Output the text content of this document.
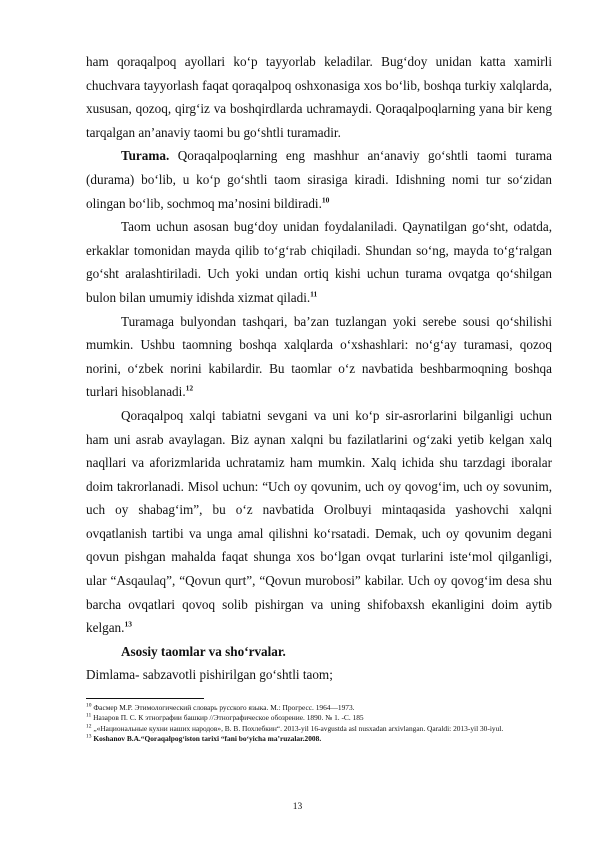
ham qoraqalpoq ayollari ko‘p tayyorlab keladilar. Bug‘doy unidan katta xamirli chuchvara tayyorlash faqat qoraqalpoq oshxonasiga xos bo‘lib, boshqa turkiy xalqlarda, xususan, qozoq, qirg‘iz va boshqirdlarda uchramaydi. Qoraqalpoqlarning yana bir keng tarqalgan an’anaviy taomi bu go‘shtli turamadir.

Turama. Qoraqalpoqlarning eng mashhur an‘anaviy go‘shtli taomi turama (durama) bo‘lib, u ko‘p go‘shtli taom sirasiga kiradi. Idishning nomi tur so‘zidan olingan bo‘lib, sochmoq ma’nosini bildiradi.$^{10}$

Taom uchun asosan bug‘doy unidan foydalaniladi. Qaynatilgan go‘sht, odatda, erkaklar tomonidan mayda qilib to‘g‘rab chiqiladi. Shundan so‘ng, mayda to‘g‘ralgan go‘sht aralashtiriladi. Uch yoki undan ortiq kishi uchun turama ovqatga qo‘shilgan bulon bilan umumiy idishda xizmat qiladi.$^{11}$

Turamaga bulyondan tashqari, ba’zan tuzlangan yoki serebe sousi qo‘shilishi mumkin. Ushbu taomning boshqa xalqlarda o‘xshashlari: no‘g‘ay turamasi, qozoq norini, o‘zbek norini kabilardir. Bu taomlar o‘z navbatida beshbarmoqning boshqa turlari hisoblanadi.$^{12}$

Qoraqalpoq xalqi tabiatni sevgani va uni ko‘p sir-asrorlarini bilganligi uchun ham uni asrab avaylagan. Biz aynan xalqni bu fazilatlarini og‘zaki yetib kelgan xalq naqllari va aforizmlarida uchratamiz ham mumkin. Xalq ichida shu tarzdagi iboralar doim takrorlanadi. Misol uchun: “Uch oy qovunim, uch oy qovog‘im, uch oy sovunim, uch oy shabag‘im”, bu o‘z navbatida Orolbuyi mintaqasida yashovchi xalqni ovqatlanish tartibi va unga amal qilishni ko‘rsatadi. Demak, uch oy qovunim degani qovun pishgan mahalda faqat shunga xos bo‘lgan ovqat turlarini iste‘mol qilganligi, ular “Asqaulaq”, “Qovun qurt”, “Qovun murobosi” kabilar. Uch oy qovog‘im desa shu barcha ovqatlari qovoq solib pishirgan va uning shifobaxsh ekanligini doim aytib kelgan.$^{13}$

Asosiy taomlar va sho‘rvalar.

Dimlama- sabzavotli pishirilgan go‘shtli taom;

$^{10}$ Фасмер М.Р. Этимологический словарь русского языка. М.: Прогресс. 1964—1973.

$^{11}$ Назаров П. С. К этнографии башкир //Этнографическое обозрение. 1890. № 1. -С. 185

$^{12}$ „«Национальные кухни наших народов», В. В. Похлебкин“. 2013-yil 16-avgustda asl nusxadan arxivlangan. Qaraldi: 2013-yil 30-iyul.

$^{13}$ Koshanov B.A.“Qoraqalpog‘iston tarixi “fani bo‘yicha ma’ruzalar.2008.

13
